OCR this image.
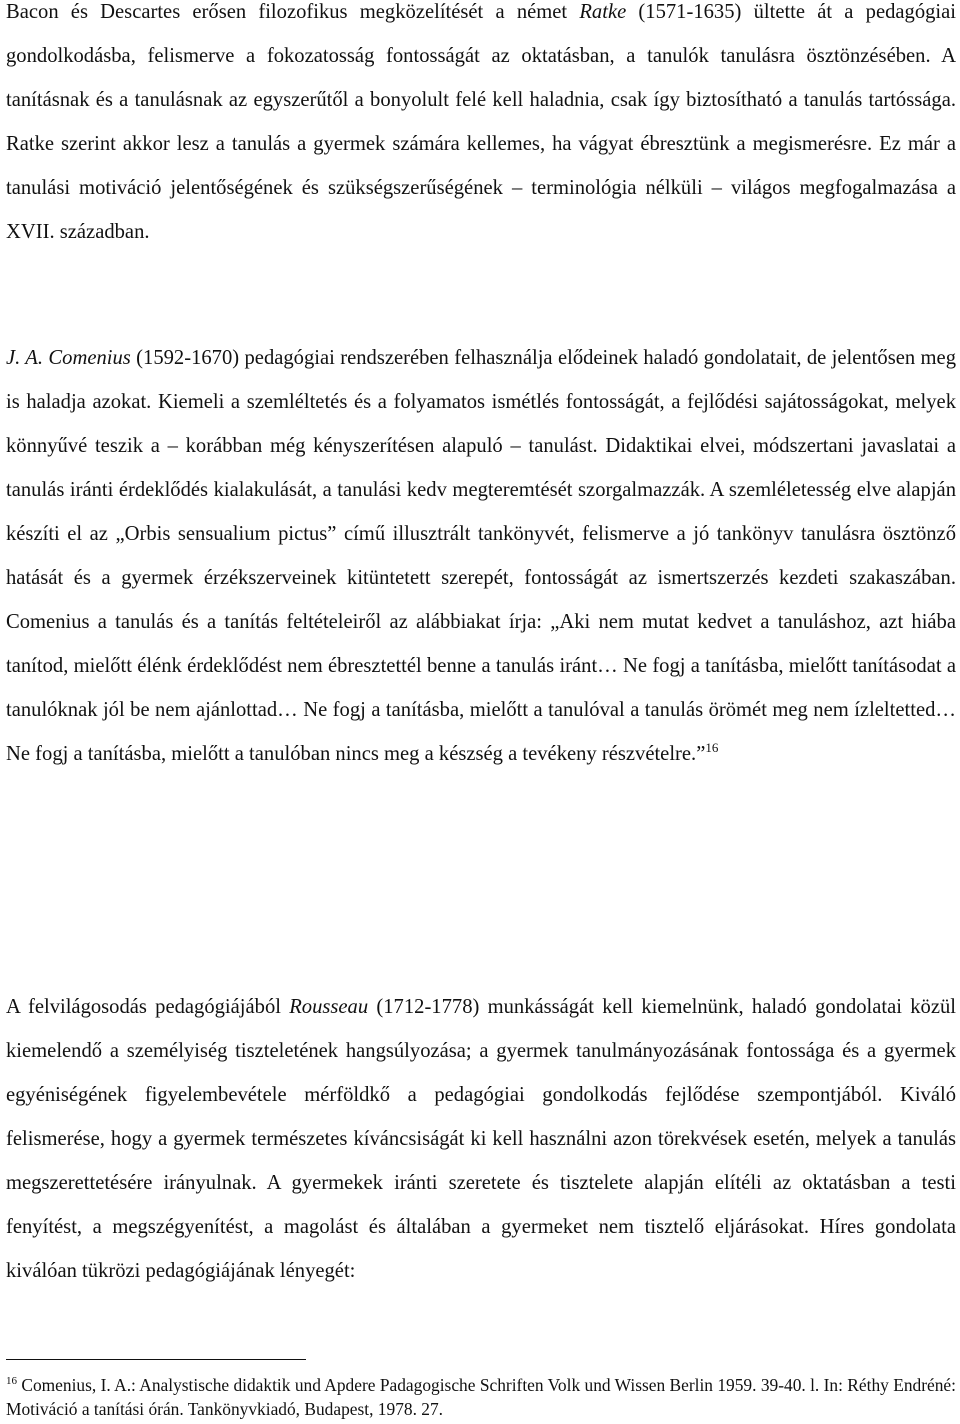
Bacon és Descartes erősen filozofikus megközelítését a német Ratke (1571-1635) ültette át a pedagógiai gondolkodásba, felismerve a fokozatosság fontosságát az oktatásban, a tanulók tanulásra ösztönzésében. A tanításnak és a tanulásnak az egyszerűtől a bonyolult felé kell haladnia, csak így biztosítható a tanulás tartóssága. Ratke szerint akkor lesz a tanulás a gyermek számára kellemes, ha vágyat ébresztünk a megismerésre. Ez már a tanulási motiváció jelentőségének és szükségszerűségének – terminológia nélküli – világos megfogalmazása a XVII. században.

J. A. Comenius (1592-1670) pedagógiai rendszerében felhasználja elődeinek haladó gondolatait, de jelentősen meg is haladja azokat. Kiemeli a szemléltetés és a folyamatos ismétlés fontosságát, a fejlődési sajátosságokat, melyek könnyűvé teszik a – korábban még kényszerítésen alapuló – tanulást. Didaktikai elvei, módszertani javaslatai a tanulás iránti érdeklődés kialakulását, a tanulási kedv megteremtését szorgalmazzák. A szemléletesség elve alapján készíti el az „Orbis sensualium pictus” című illusztrált tankönyvét, felismerve a jó tankönyv tanulásra ösztönző hatását és a gyermek érzékszerveinek kitüntetett szerepét, fontosságát az ismertszerzés kezdeti szakaszában. Comenius a tanulás és a tanítás feltételeiről az alábbiakat írja: „Aki nem mutat kedvet a tanuláshoz, azt hiába tanítod, mielőtt élénk érdeklődést nem ébresztettél benne a tanulás iránt… Ne fogj a tanításba, mielőtt tanításodat a tanulóknak jól be nem ajánlottad… Ne fogj a tanításba, mielőtt a tanulóval a tanulás örömét meg nem ízleltetted… Ne fogj a tanításba, mielőtt a tanulóban nincs meg a készség a tevékeny részvételre.”$^{16}$

A felvilágosodás pedagógiájából Rousseau (1712-1778) munkásságát kell kiemelnünk, haladó gondolatai közül kiemelendő a személyiség tiszteletének hangsúlyozása; a gyermek tanulmányozásának fontossága és a gyermek egyéniségének figyelembevétele mérföldkő a pedagógiai gondolkodás fejlődése szempontjából. Kiváló felismerése, hogy a gyermek természetes kíváncsiságát ki kell használni azon törekvések esetén, melyek a tanulás megszerettetésére irányulnak. A gyermekek iránti szeretete és tisztelete alapján elítéli az oktatásban a testi fenyítést, a megszégyenítést, a magolást és általában a gyermeket nem tisztelő eljárásokat. Híres gondolata kiválóan tükrözi pedagógiájának lényegét:

$^{16}$ Comenius, I. A.: Analystische didaktik und Apdere Padagogische Schriften Volk und Wissen Berlin 1959. 39-40. l. In: Réthy Endréné: Motiváció a tanítási órán. Tankönyvkiadó, Budapest, 1978. 27.
